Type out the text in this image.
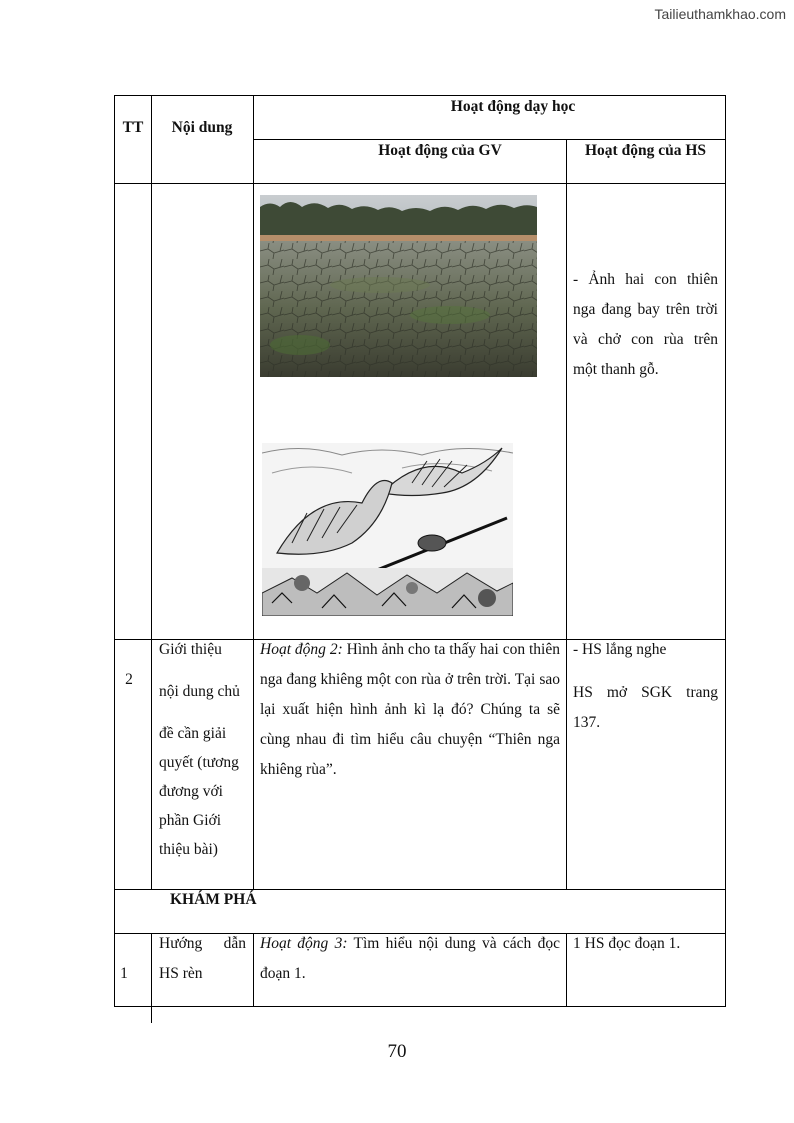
Tailieuthamkhao.com
TT	Nội dung
Hoạt động dạy học
Hoạt động của GV	Hoạt động của HS
- Ảnh hai con thiên nga đang bay trên trời và chở con rùa trên một thanh gỗ.
2
Giới thiệu
nội dung chủ
đề cần giải
quyết (tương
đương với
phần Giới
thiệu bài)
Hoạt động 2: Hình ảnh cho ta thấy hai con thiên nga đang khiêng một con rùa ở trên trời. Tại sao lại xuất hiện hình ảnh kì lạ đó? Chúng ta sẽ cùng nhau đi tìm hiểu câu chuyện “Thiên nga khiêng rùa”.
- HS lắng nghe
HS mở SGK trang 137.
KHÁM PHÁ
1
Hướng dẫn HS rèn
Hoạt động 3: Tìm hiểu nội dung và cách đọc đoạn 1.
1 HS đọc đoạn 1.
70
